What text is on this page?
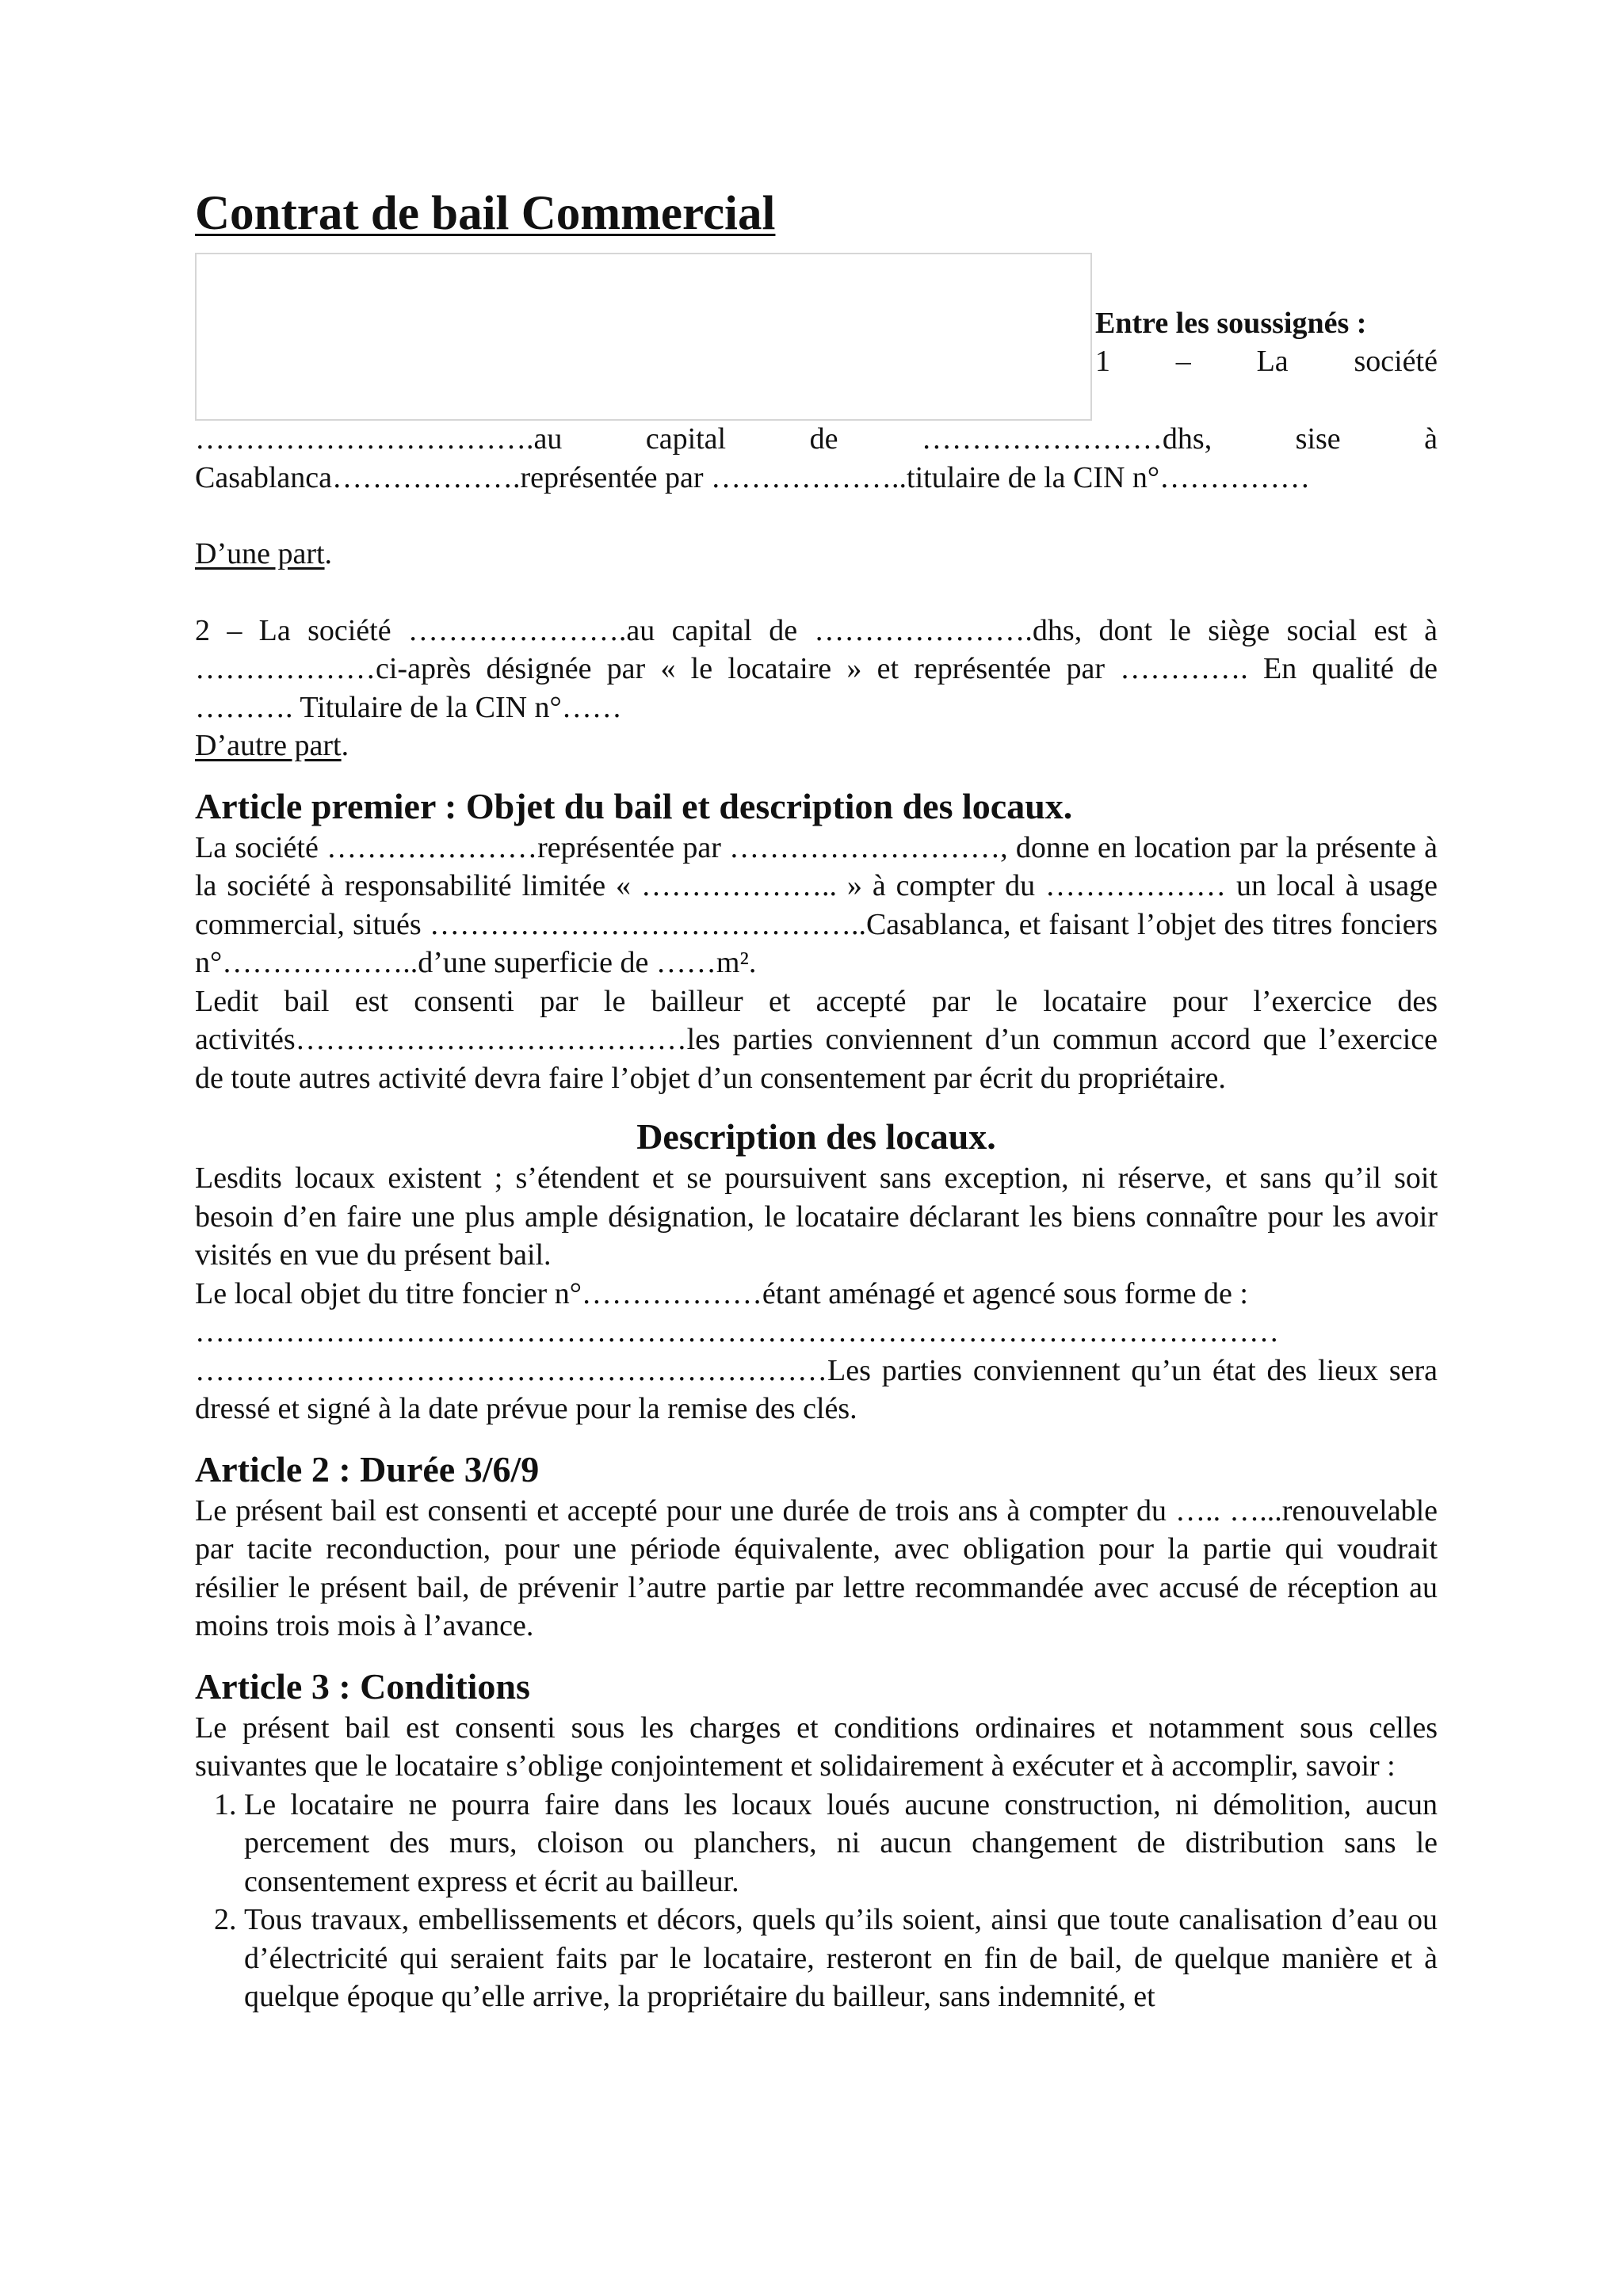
Contrat de bail Commercial
Entre les soussignés :
1 – La société

…………………………….au capital de ……………………dhs, sise à Casablanca……………….représentée par ………………..titulaire de la CIN n°……………

D’une part.

2 – La société ………………….au capital de ………………….dhs, dont le siège social est à ………………ci-après désignée par « le locataire » et représentée par …………. En qualité de ………. Titulaire de la CIN n°……

D’autre part.

Article premier : Objet du bail et description des locaux.

La société …………………représentée par ………………………, donne en location par la présente à la société à responsabilité limitée « ……………….. » à compter du ……………… un local à usage commercial, situés ……………………………………..Casablanca, et faisant l’objet des titres fonciers n°………………..d’une superficie de ……m².

Ledit bail est consenti par le bailleur et accepté par le locataire pour l’exercice des activités…………………………………les parties conviennent d’un commun accord que l’exercice de toute autres activité devra faire l’objet d’un consentement par écrit du propriétaire.

Description des locaux.

Lesdits locaux existent ; s’étendent et se poursuivent sans exception, ni réserve, et sans qu’il soit besoin d’en faire une plus ample désignation, le locataire déclarant les biens connaître pour les avoir visités en vue du présent bail.

Le local objet du titre foncier n°………………étant aménagé et agencé sous forme de :

………………………………………………………………………………………………

………………………………………………………Les parties conviennent qu’un état des lieux sera dressé et signé à la date prévue pour la remise des clés.

Article 2 : Durée 3/6/9

Le présent bail est consenti et accepté pour une durée de trois ans à compter du ….. …...renouvelable par tacite reconduction, pour une période équivalente, avec obligation pour la partie qui voudrait résilier le présent bail, de prévenir l’autre partie par lettre recommandée avec accusé de réception au moins trois mois à l’avance.

Article 3 : Conditions

Le présent bail est consenti sous les charges et conditions ordinaires et notamment sous celles suivantes que le locataire s’oblige conjointement et solidairement à exécuter et à accomplir, savoir :

1. Le locataire ne pourra faire dans les locaux loués aucune construction, ni démolition, aucun percement des murs, cloison ou planchers, ni aucun changement de distribution sans le consentement express et écrit au bailleur.
2. Tous travaux, embellissements et décors, quels qu’ils soient, ainsi que toute canalisation d’eau ou d’électricité qui seraient faits par le locataire, resteront en fin de bail, de quelque manière et à quelque époque qu’elle arrive, la propriétaire du bailleur, sans indemnité, et
